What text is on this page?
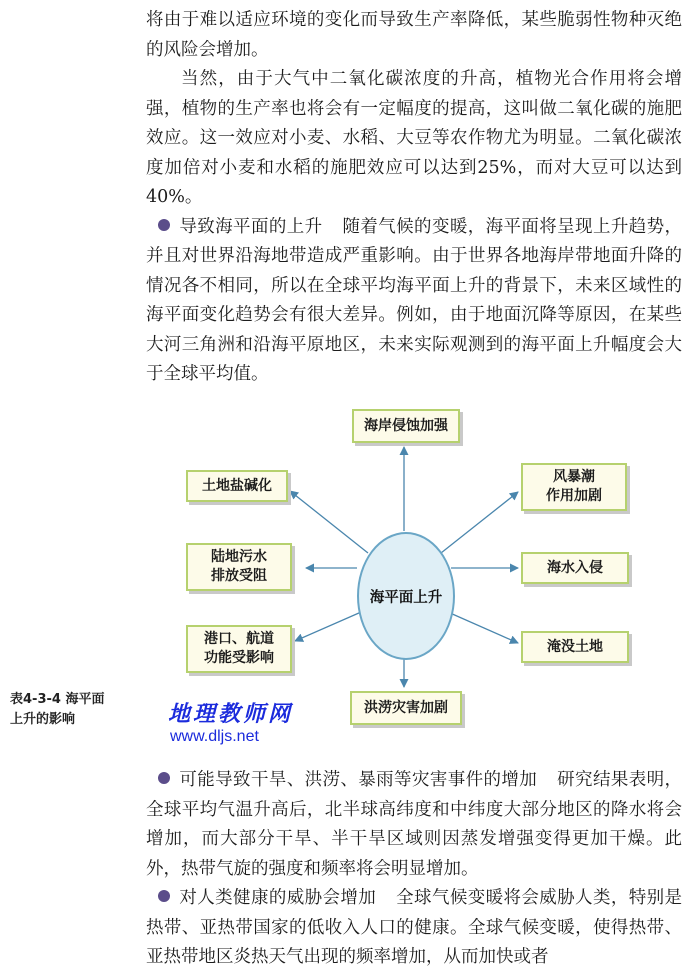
将由于难以适应环境的变化而导致生产率降低，某些脆弱性物种灭绝的风险会增加。

当然，由于大气中二氧化碳浓度的升高，植物光合作用将会增强，植物的生产率也将会有一定幅度的提高，这叫做二氧化碳的施肥效应。这一效应对小麦、水稻、大豆等农作物尤为明显。二氧化碳浓度加倍对小麦和水稻的施肥效应可以达到25%，而对大豆可以达到40%。

导致海平面的上升 随着气候的变暖，海平面将呈现上升趋势，并且对世界沿海地带造成严重影响。由于世界各地海岸带地面升降的情况各不相同，所以在全球平均海平面上升的背景下，未来区域性的海平面变化趋势会有很大差异。例如，由于地面沉降等原因，在某些大河三角洲和沿海平原地区，未来实际观测到的海平面上升幅度会大于全球平均值。

海平面上升
海岸侵蚀加强
土地盐碱化
风暴潮
作用加剧
陆地污水
排放受阻
海水入侵
港口、航道
功能受影响
淹没土地
洪涝灾害加剧
表4-3-4 海平面
上升的影响	地理教师网
www.dljs.net

可能导致干旱、洪涝、暴雨等灾害事件的增加 研究结果表明，全球平均气温升高后，北半球高纬度和中纬度大部分地区的降水将会增加，而大部分干旱、半干旱区域则因蒸发增强变得更加干燥。此外，热带气旋的强度和频率将会明显增加。

对人类健康的威胁会增加 全球气候变暖将会威胁人类，特别是热带、亚热带国家的低收入人口的健康。全球气候变暖，使得热带、亚热带地区炎热天气出现的频率增加，从而加快或者
